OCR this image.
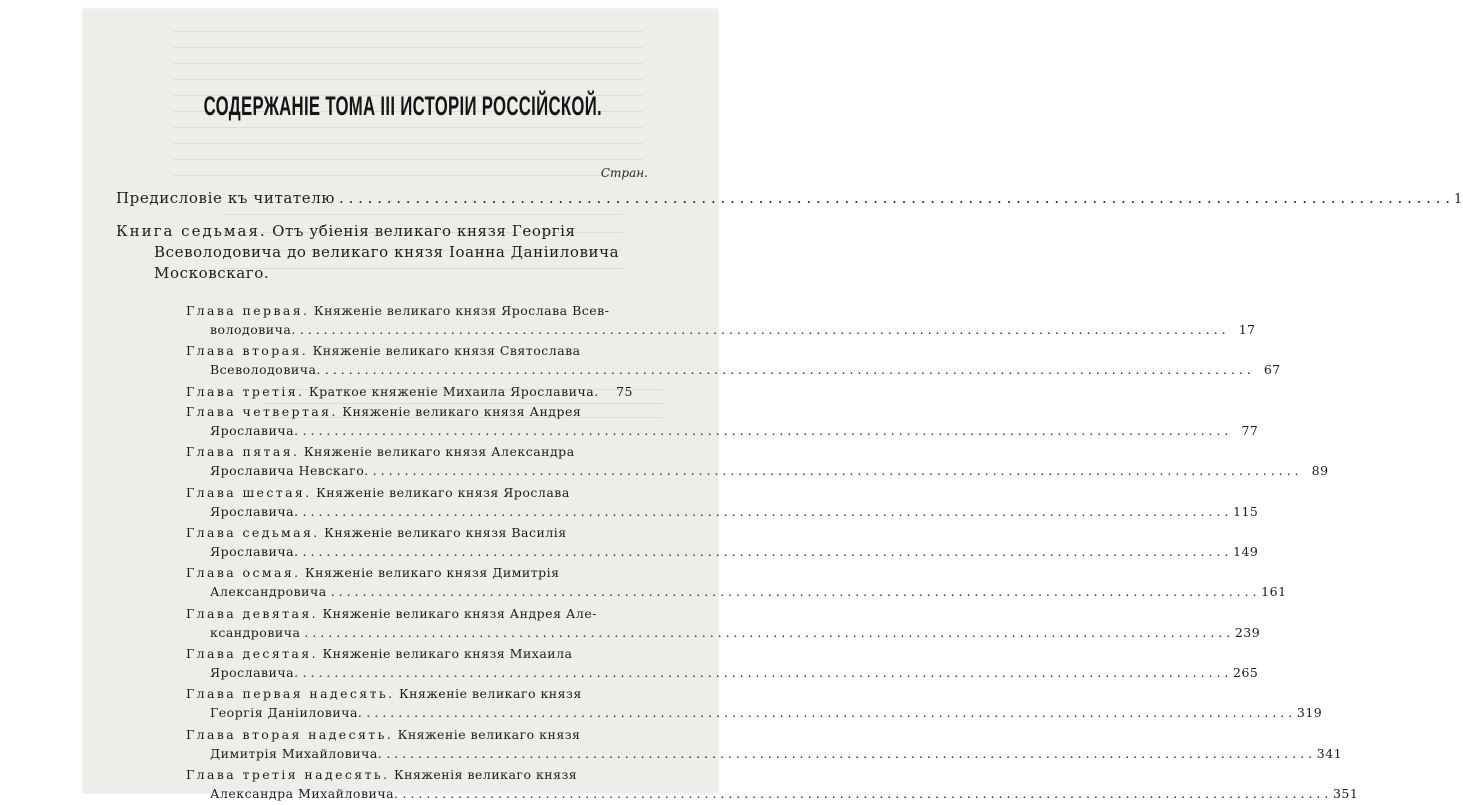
СОДЕРЖАНІЕ ТОМА III ИСТОРІИ РОССІЙСКОЙ.
Стран.
Предисловіе къ читателю . . .	1
Книга седьмая. Отъ убіенія великаго князя Георгія
Всеволодовича до великаго князя Іоанна Даніиловича
Московскаго.
Глава первая. Княженіе великаго князя Ярослава Всев-
володовича. . . .	17
Глава вторая. Княженіе великаго князя Святослава
Всеволодовича. . . .	67
Глава третія.
Краткое княженіе Михаила Ярославича. . . .	75
Глава четвертая. Княженіе великаго князя Андрея
Ярославича. . . .	77
Глава пятая. Княженіе великаго князя Александра
Ярославича Невскаго. . . .	89
Глава шестая. Княженіе великаго князя Ярослава
Ярославича. . . .	115
Глава седьмая. Княженіе великаго князя Василія
Ярославича. . . .	149
Глава осмая. Княженіе великаго князя Димитрія
Александровича . . .	161
Глава девятая. Княженіе великаго князя Андрея Але-
ксандровича . . .	239
Глава десятая. Княженіе великаго князя Михаила
Ярославича. . . .	265
Глава первая надесять. Княженіе великаго князя
Георгія Даніиловича. . . .	319
Глава вторая надесять. Княженіе великаго князя
Димитрія Михайловича. . . .	341
Глава третія надесять. Княженія великаго князя
Александра Михайловича. . . .	351
